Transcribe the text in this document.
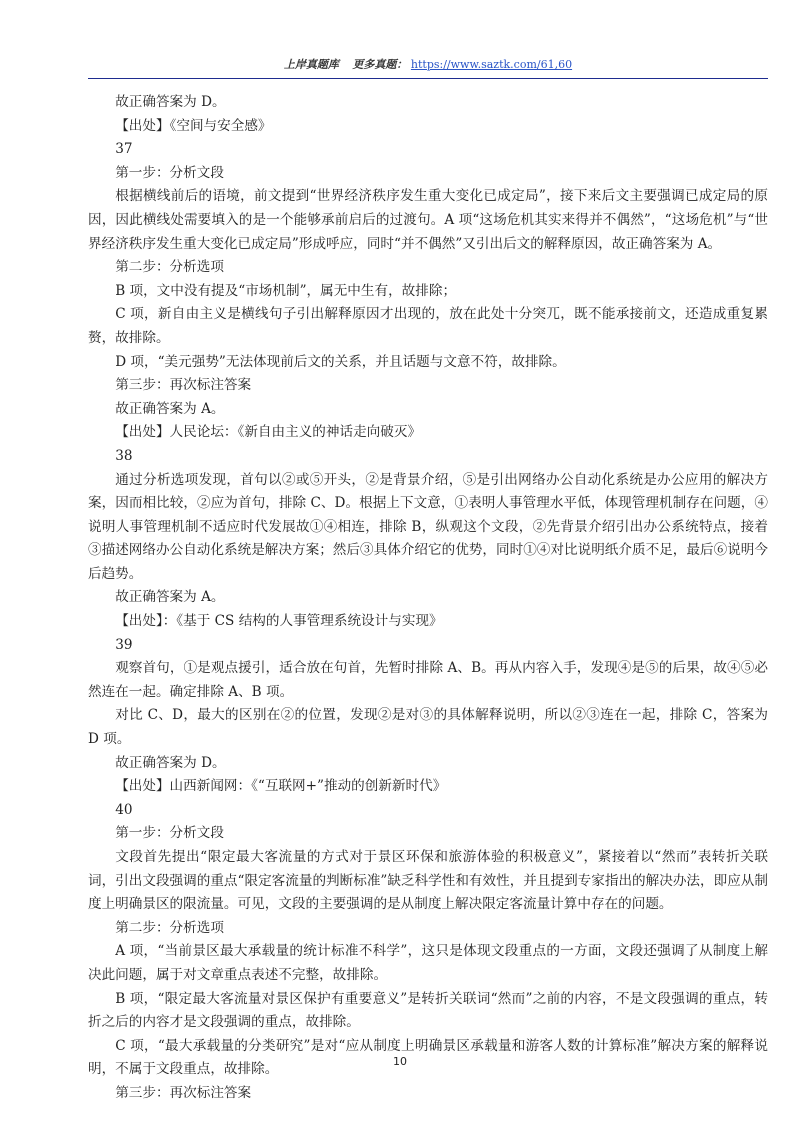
上岸真题库 更多真题： https://www.saztk.com/61,60

故正确答案为 D。

【出处】《空间与安全感》

37

第一步：分析文段

根据横线前后的语境，前文提到“世界经济秩序发生重大变化已成定局”，接下来后文主要强调已成定局的原因，因此横线处需要填入的是一个能够承前启后的过渡句。A 项“这场危机其实来得并不偶然”，“这场危机”与“世界经济秩序发生重大变化已成定局”形成呼应，同时“并不偶然”又引出后文的解释原因，故正确答案为 A。

第二步：分析选项

B 项，文中没有提及“市场机制”，属无中生有，故排除；

C 项，新自由主义是横线句子引出解释原因才出现的，放在此处十分突兀，既不能承接前文，还造成重复累赘，故排除。

D 项，“美元强势”无法体现前后文的关系，并且话题与文意不符，故排除。

第三步：再次标注答案

故正确答案为 A。

【出处】人民论坛：《新自由主义的神话走向破灭》

38

通过分析选项发现，首句以②或⑤开头，②是背景介绍，⑤是引出网络办公自动化系统是办公应用的解决方案，因而相比较，②应为首句，排除 C、D。根据上下文意，①表明人事管理水平低，体现管理机制存在问题，④说明人事管理机制不适应时代发展故①④相连，排除 B，纵观这个文段，②先背景介绍引出办公系统特点，接着③描述网络办公自动化系统是解决方案；然后③具体介绍它的优势，同时①④对比说明纸介质不足，最后⑥说明今后趋势。

故正确答案为 A。

【出处】：《基于 CS 结构的人事管理系统设计与实现》

39

观察首句，①是观点援引，适合放在句首，先暂时排除 A、B。再从内容入手，发现④是⑤的后果，故④⑤必然连在一起。确定排除 A、B 项。

对比 C、D，最大的区别在②的位置，发现②是对③的具体解释说明，所以②③连在一起，排除 C，答案为 D 项。

故正确答案为 D。

【出处】山西新闻网：《“互联网+”推动的创新新时代》

40

第一步：分析文段

文段首先提出“限定最大客流量的方式对于景区环保和旅游体验的积极意义”，紧接着以“然而”表转折关联词，引出文段强调的重点“限定客流量的判断标准”缺乏科学性和有效性，并且提到专家指出的解决办法，即应从制度上明确景区的限流量。可见，文段的主要强调的是从制度上解决限定客流量计算中存在的问题。

第二步：分析选项

A 项，“当前景区最大承载量的统计标准不科学”，这只是体现文段重点的一方面，文段还强调了从制度上解决此问题，属于对文章重点表述不完整，故排除。

B 项，“限定最大客流量对景区保护有重要意义”是转折关联词“然而”之前的内容，不是文段强调的重点，转折之后的内容才是文段强调的重点，故排除。

C 项，“最大承载量的分类研究”是对“应从制度上明确景区承载量和游客人数的计算标准”解决方案的解释说明，不属于文段重点，故排除。

第三步：再次标注答案

10
